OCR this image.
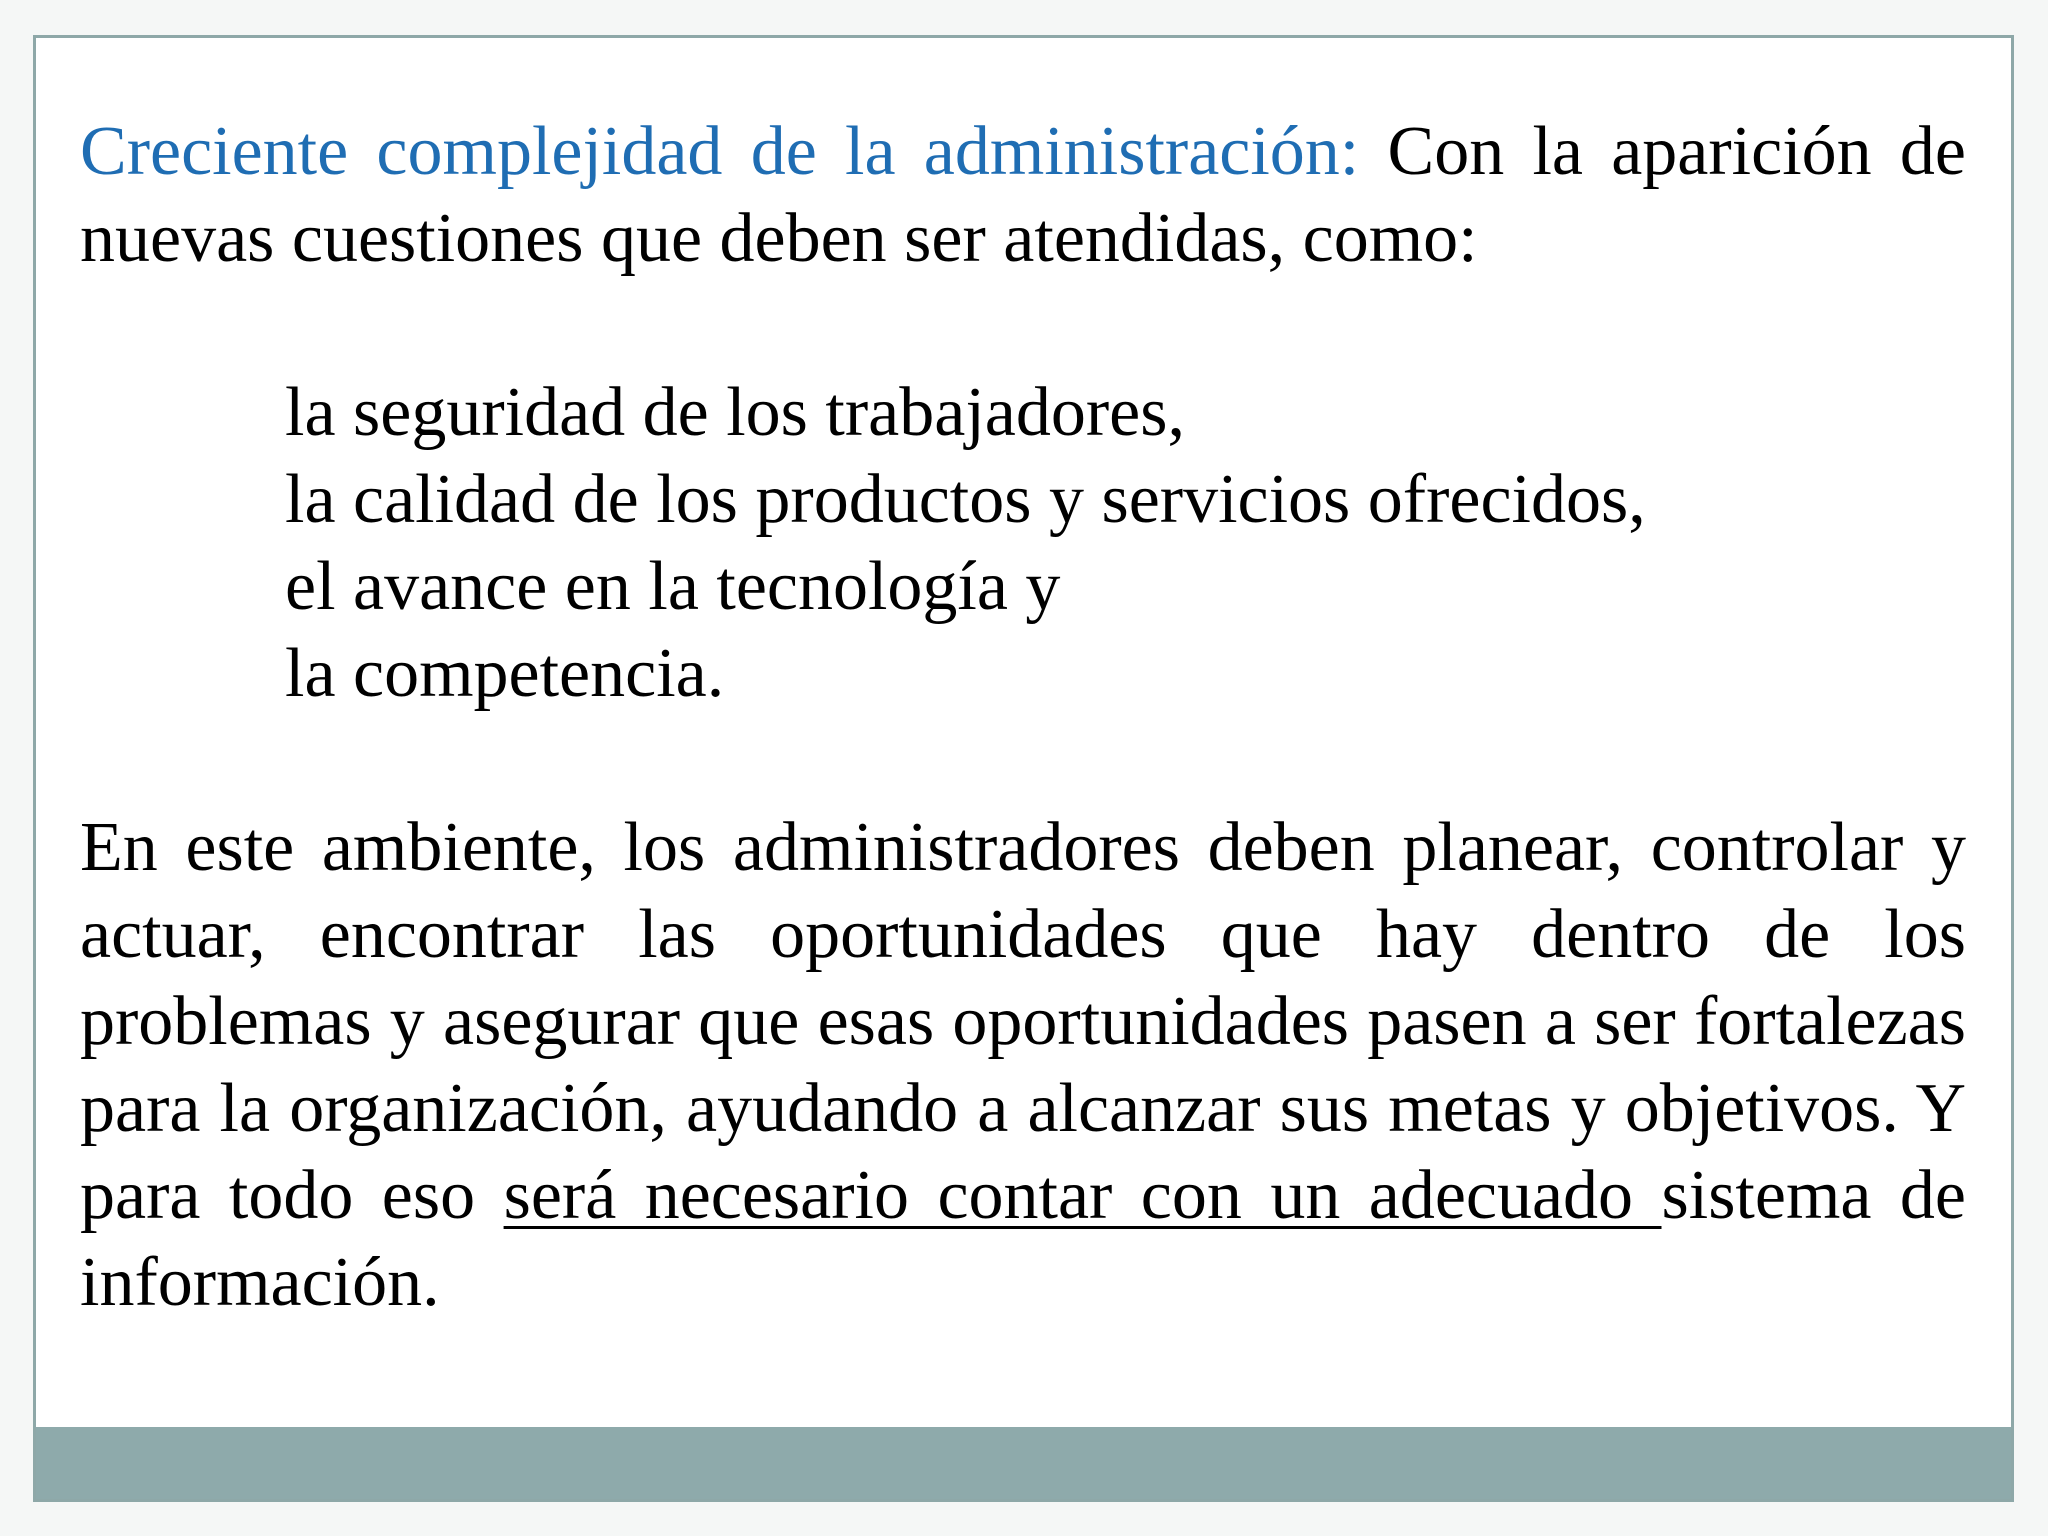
Creciente complejidad de la administración: Con la aparición de nuevas cuestiones que deben ser atendidas, como:

la seguridad de los trabajadores,
la calidad de los productos y servicios ofrecidos,
el avance en la tecnología y
la competencia.

En este ambiente, los administradores deben planear, controlar y actuar, encontrar las oportunidades que hay dentro de los problemas y asegurar que esas oportunidades pasen a ser fortalezas para la organización, ayudando a alcanzar sus metas y objetivos. Y para todo eso será necesario contar con un adecuado sistema de información.
